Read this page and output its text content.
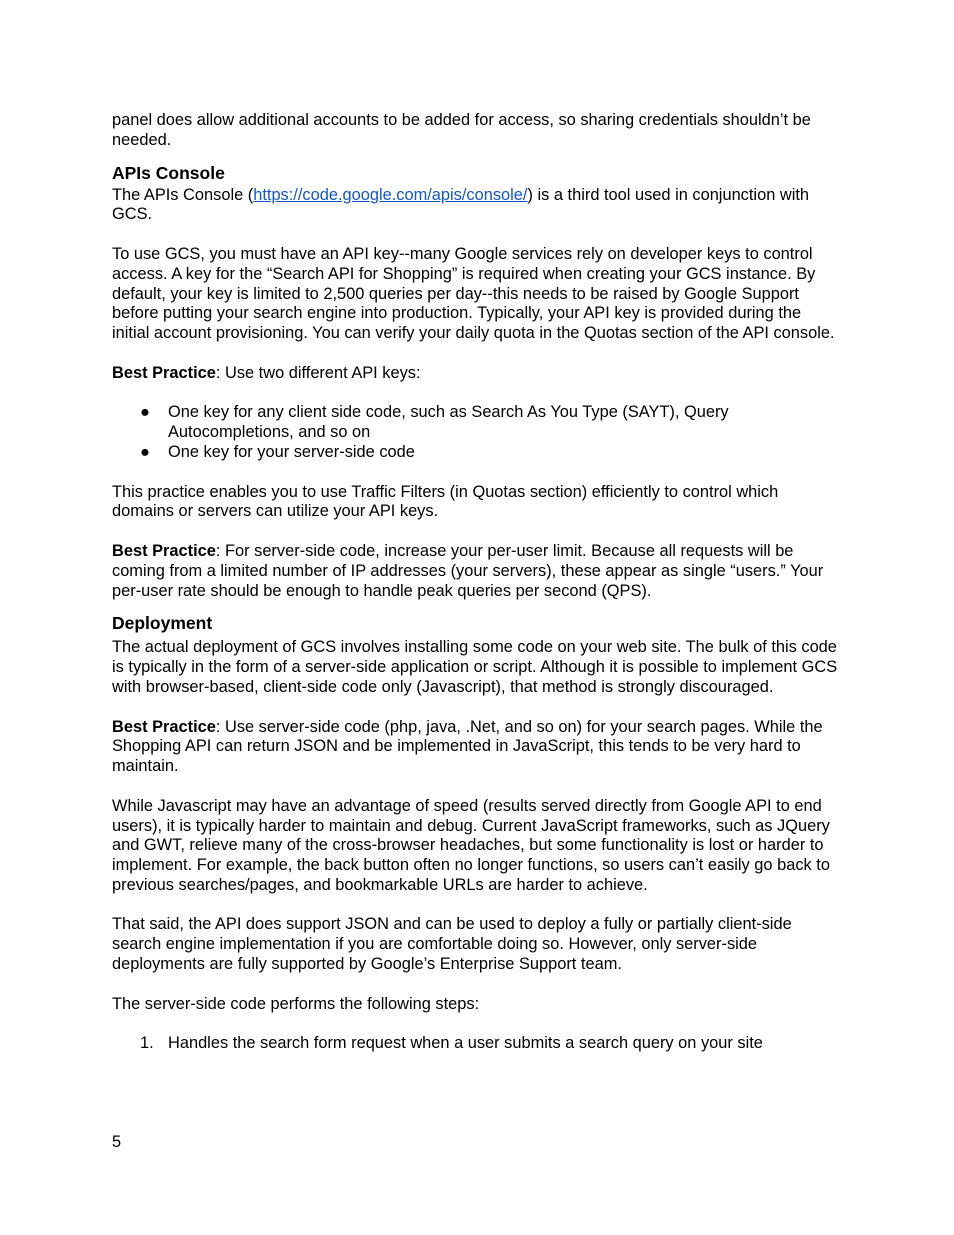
panel does allow additional accounts to be added for access, so sharing credentials shouldn’t be needed.

APIs Console

The APIs Console (https://code.google.com/apis/console/) is a third tool used in conjunction with GCS.

To use GCS, you must have an API key--many Google services rely on developer keys to control access. A key for the “Search API for Shopping” is required when creating your GCS instance. By default, your key is limited to 2,500 queries per day--this needs to be raised by Google Support before putting your search engine into production. Typically, your API key is provided during the initial account provisioning. You can verify your daily quota in the Quotas section of the API console.

Best Practice: Use two different API keys:

● One key for any client side code, such as Search As You Type (SAYT), Query Autocompletions, and so on
● One key for your server-side code

This practice enables you to use Traffic Filters (in Quotas section) efficiently to control which domains or servers can utilize your API keys.

Best Practice: For server-side code, increase your per-user limit. Because all requests will be coming from a limited number of IP addresses (your servers), these appear as single “users.” Your per-user rate should be enough to handle peak queries per second (QPS).

Deployment

The actual deployment of GCS involves installing some code on your web site. The bulk of this code is typically in the form of a server-side application or script. Although it is possible to implement GCS with browser-based, client-side code only (Javascript), that method is strongly discouraged.

Best Practice: Use server-side code (php, java, .Net, and so on) for your search pages. While the Shopping API can return JSON and be implemented in JavaScript, this tends to be very hard to maintain.

While Javascript may have an advantage of speed (results served directly from Google API to end users), it is typically harder to maintain and debug. Current JavaScript frameworks, such as JQuery and GWT, relieve many of the cross-browser headaches, but some functionality is lost or harder to implement. For example, the back button often no longer functions, so users can’t easily go back to previous searches/pages, and bookmarkable URLs are harder to achieve.

That said, the API does support JSON and can be used to deploy a fully or partially client-side search engine implementation if you are comfortable doing so. However, only server-side deployments are fully supported by Google’s Enterprise Support team.

The server-side code performs the following steps:

1. Handles the search form request when a user submits a search query on your site
5
